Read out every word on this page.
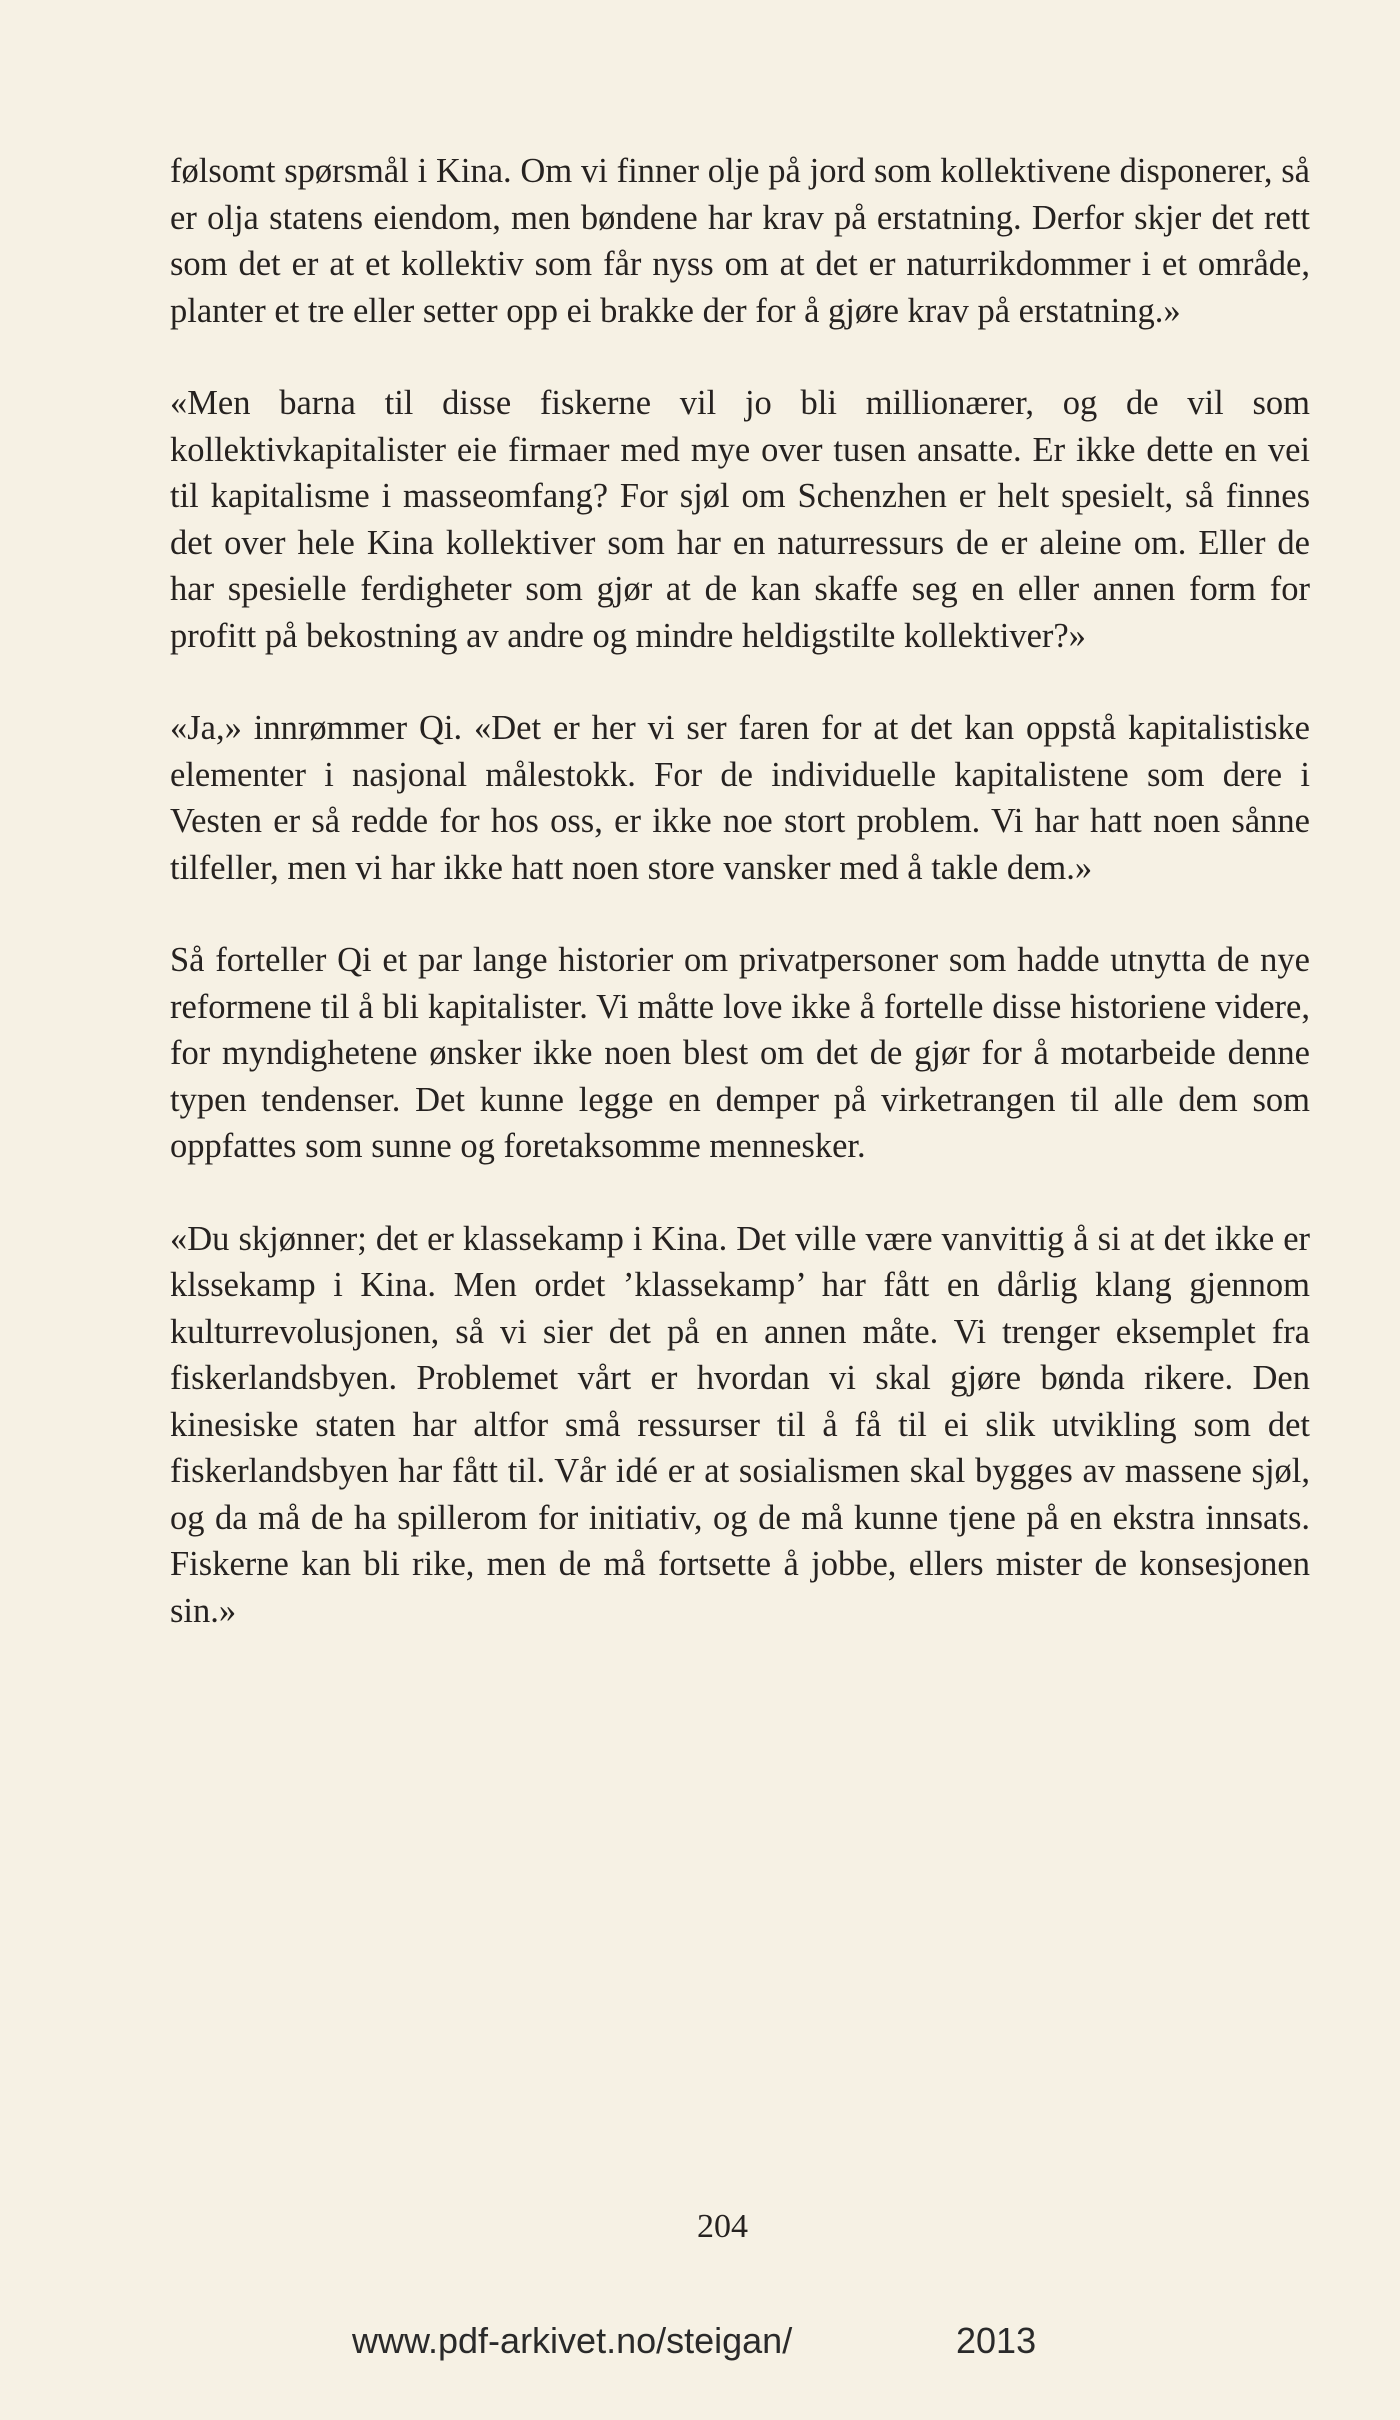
følsomt spørsmål i Kina. Om vi finner olje på jord som kollektivene disponerer, så er olja statens eiendom, men bøndene har krav på erstatning. Derfor skjer det rett som det er at et kollektiv som får nyss om at det er naturrikdommer i et område, planter et tre eller setter opp ei brakke der for å gjøre krav på erstatning.»

«Men barna til disse fiskerne vil jo bli millionærer, og de vil som kollektivkapitalister eie firmaer med mye over tusen ansatte. Er ikke dette en vei til kapitalisme i masseomfang? For sjøl om Schenzhen er helt spesielt, så finnes det over hele Kina kollektiver som har en naturressurs de er aleine om. Eller de har spesielle ferdigheter som gjør at de kan skaffe seg en eller annen form for profitt på bekostning av andre og mindre heldigstilte kollektiver?»

«Ja,» innrømmer Qi. «Det er her vi ser faren for at det kan oppstå kapitalistiske elementer i nasjonal målestokk. For de individuelle kapitalistene som dere i Vesten er så redde for hos oss, er ikke noe stort problem. Vi har hatt noen sånne tilfeller, men vi har ikke hatt noen store vansker med å takle dem.»

Så forteller Qi et par lange historier om privatpersoner som hadde utnytta de nye reformene til å bli kapitalister. Vi måtte love ikke å fortelle disse historiene videre, for myndighetene ønsker ikke noen blest om det de gjør for å motarbeide denne typen tendenser. Det kunne legge en demper på virketrangen til alle dem som oppfattes som sunne og foretaksomme mennesker.

«Du skjønner; det er klassekamp i Kina. Det ville være vanvittig å si at det ikke er klssekamp i Kina. Men ordet ’klassekamp’ har fått en dårlig klang gjennom kulturrevolusjonen, så vi sier det på en annen måte. Vi trenger eksemplet fra fiskerlandsbyen. Problemet vårt er hvordan vi skal gjøre bønda rikere. Den kinesiske staten har altfor små ressurser til å få til ei slik utvikling som det fiskerlandsbyen har fått til. Vår idé er at sosialismen skal bygges av massene sjøl, og da må de ha spillerom for initiativ, og de må kunne tjene på en ekstra innsats. Fiskerne kan bli rike, men de må fortsette å jobbe, ellers mister de konsesjonen sin.»

204
www.pdf-arkivet.no/steigan/	2013
